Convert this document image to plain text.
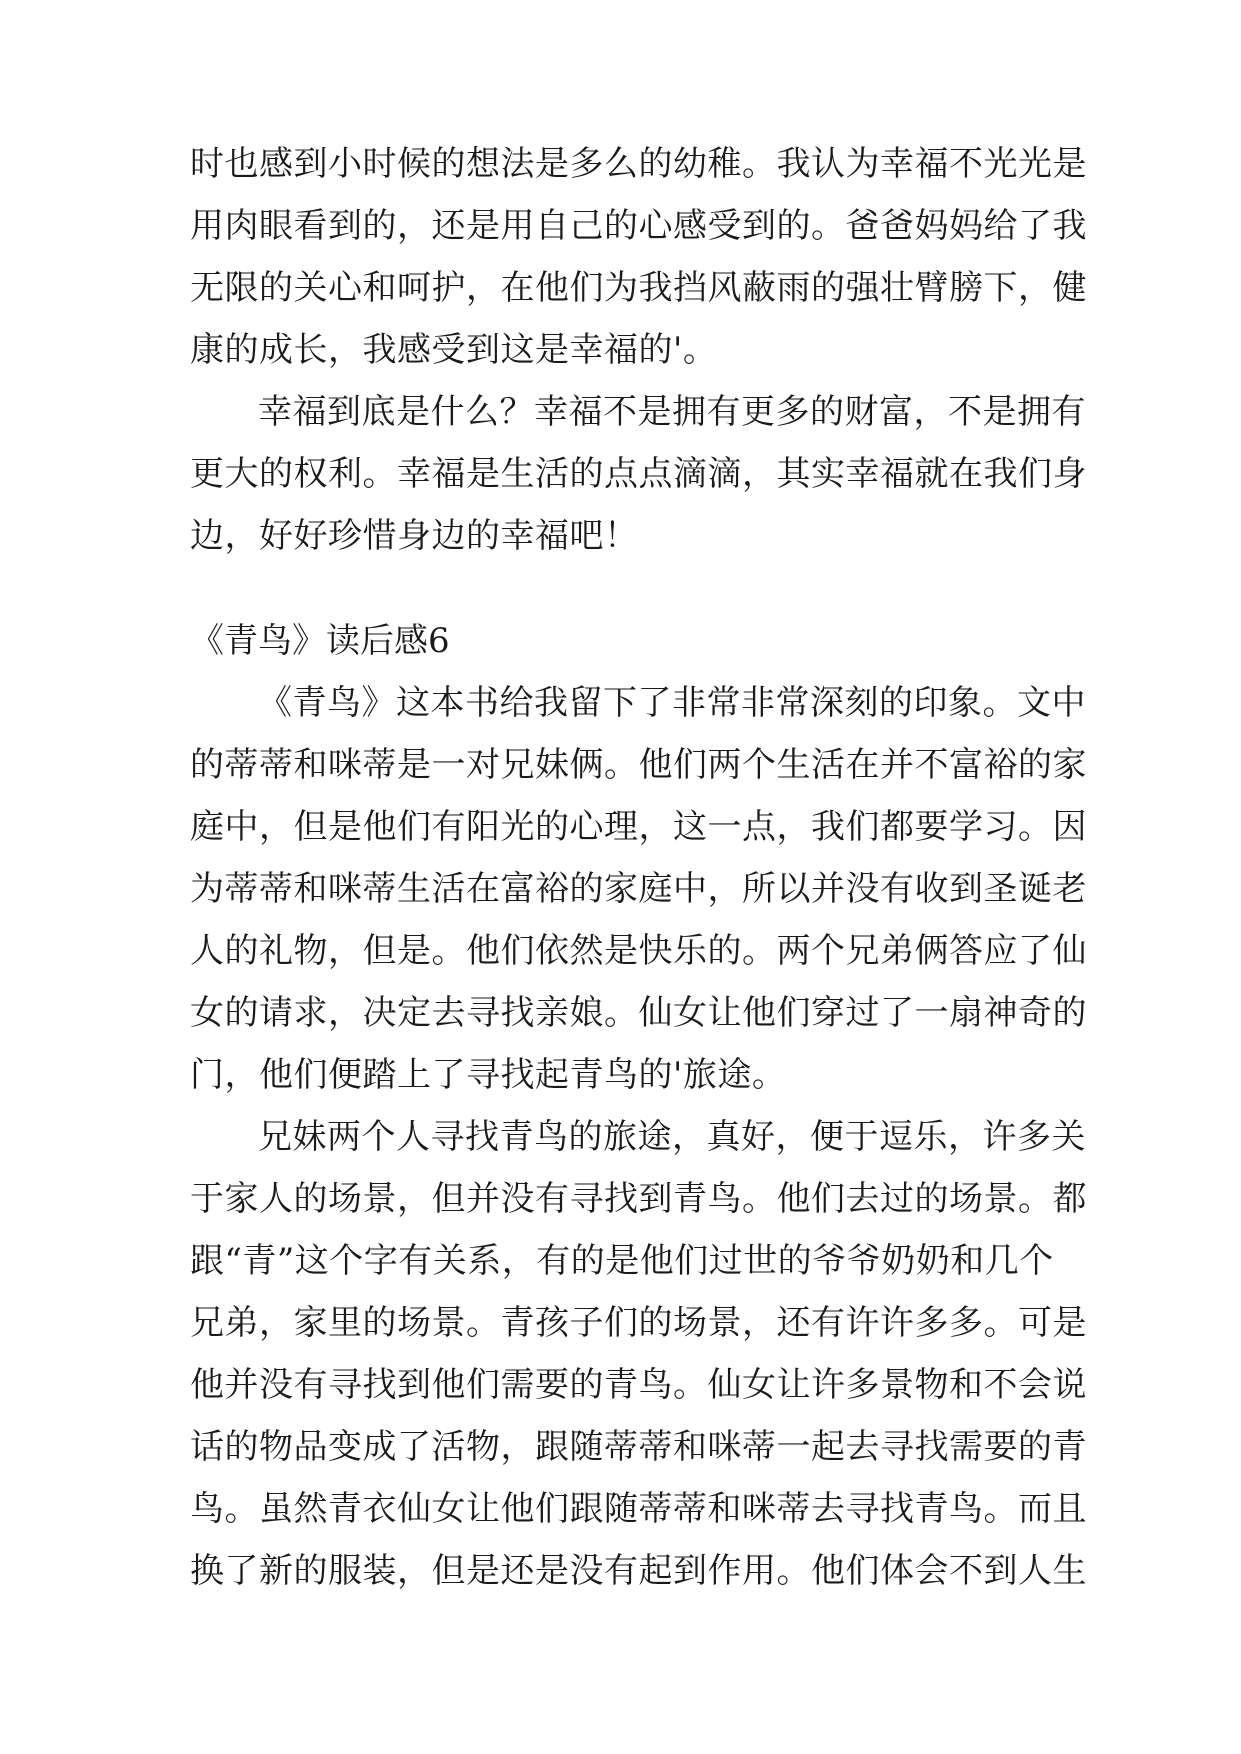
时也感到小时候的想法是多么的幼稚。我认为幸福不光光是
用肉眼看到的，还是用自己的心感受到的。爸爸妈妈给了我
无限的关心和呵护，在他们为我挡风蔽雨的强壮臂膀下，健
康的成长，我感受到这是幸福的'。
幸福到底是什么？幸福不是拥有更多的财富，不是拥有
更大的权利。幸福是生活的点点滴滴，其实幸福就在我们身
边，好好珍惜身边的幸福吧！
《青鸟》读后感6
《青鸟》这本书给我留下了非常非常深刻的印象。文中
的蒂蒂和咪蒂是一对兄妹俩。他们两个生活在并不富裕的家
庭中，但是他们有阳光的心理，这一点，我们都要学习。因
为蒂蒂和咪蒂生活在富裕的家庭中，所以并没有收到圣诞老
人的礼物，但是。他们依然是快乐的。两个兄弟俩答应了仙
女的请求，决定去寻找亲娘。仙女让他们穿过了一扇神奇的
门，他们便踏上了寻找起青鸟的'旅途。
兄妹两个人寻找青鸟的旅途，真好，便于逗乐，许多关
于家人的场景，但并没有寻找到青鸟。他们去过的场景。都
跟“青”这个字有关系，有的是他们过世的爷爷奶奶和几个
兄弟，家里的场景。青孩子们的场景，还有许许多多。可是
他并没有寻找到他们需要的青鸟。仙女让许多景物和不会说
话的物品变成了活物，跟随蒂蒂和咪蒂一起去寻找需要的青
鸟。虽然青衣仙女让他们跟随蒂蒂和咪蒂去寻找青鸟。而且
换了新的服装，但是还是没有起到作用。他们体会不到人生
